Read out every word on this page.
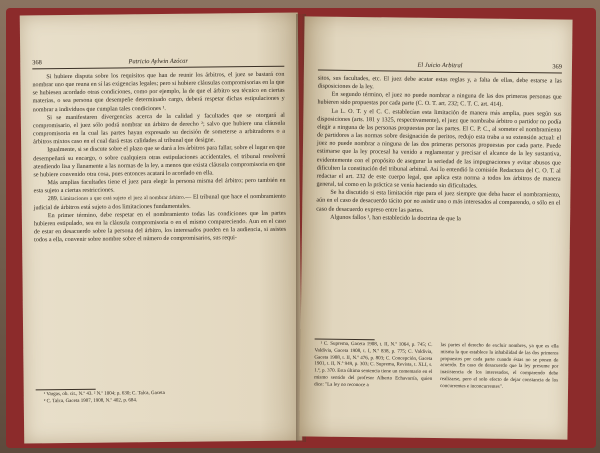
368	Patricio Aylwin Azócar

Si hubiere disputa sobre los requisitos que han de reunir los árbitros, el juez se bastará con nombrar uno que reuna en sí las exigencias legales; pero si hubiere cláusulas compromisorias en la que se hubiesen acordado otras condiciones, como por ejemplo, la de que el árbitro sea técnico en ciertas materias, o sea persona que desempeñe determinado cargo, deberá respetar dichas estipulaciones y nombrar a individuos que cumplan tales condiciones ¹.

Si se manifestaren divergencias acerca de la calidad y facultades que se otorgará al compromisario, el juez sólo podrá nombrar un árbitro de derecho ²; salvo que hubiere una cláusula compromisoria en la cual las partes hayan expresado su decisión de someterse a arbitradores o a árbitros mixtos caso en el cual dará estas calidades al tribunal que designe.

Igualmente, si se discute sobre el plazo que se dará a los árbitros para fallar, sobre el lugar en que desempeñará su encargo, o sobre cualquiera otras estipulaciones accidentales, el tribunal resolverá atendiendo lisa y llanamente a las normas de la ley, a menos que exista cláusula compromisoria en que se hubiere convenido otra cosa, pues entonces acatará lo acordado en ella.

Más amplias facultades tiene el juez para elegir la persona misma del árbitro; pero también en esta sujeto a ciertas restricciones.

289. Limitaciones a que está sujeto el juez al nombrar árbitro.— El tribunal que hace el nombramiento judicial de árbitros está sujeto a dos limitaciones fundamentales.

En primer término, debe respetar en el nombramiento todas las condiciones que las partes hubieren estipulado, sea en la cláusula compromisoria o en el mismo compareciendo. Aun en el caso de estar en desacuerdo sobre la persona del árbitro, los interesados pueden en la audiencia, si asistes todos a ella, convenir sobre nombre sobre el número de compromisarios, sus requi-

¹ Vargas, ob. cit., N.º 43. ² N.º 1004; p. 630; C. Talca, Gaceta

² C. Talca, Gaceta 1907, 1908, N.º 402, p. 684.

El Juicio Arbitral	369

sitos, sus facultades, etc. El juez debe acatar estas reglas y, a falta de ellas, debe estarse a las disposiciones de la ley.

En segundo término, el juez no puede nombrar a ninguna de las dos primeras personas que hubieren sido propuestas por cada parte (C. O. T. art. 232; C. T. C. art. 414).

La L. O. T. y el C. C. establecían esta limitación de manera más amplia, pues según sus disposiciones (arts. 181 y 1325, respectivamente), el juez que nombraba árbitro o partidor no podía elegir a ninguna de las personas propuestas por las partes. El C. P. C., al someter el nombramiento de partidores a las normas sobre designación de peritos, redujo esta traba a su extensión actual: el juez no puede nombrar a ninguna de las dos primeras personas propuestas por cada parte. Puede estimarse que la ley procesal ha venido a reglamentar y precisar el alcance de la ley sustantiva, evidentemente con el propósito de asegurar la seriedad de las impugnaciones y evitar abusos que dificulten la constitución del tribunal arbitral. Así lo entendió la comisión Redactora del C. O. T. al redactar el art. 232 de este cuerpo legal, que aplica esta norma a todos los árbitros de manera general, tal como en la práctica se venía haciendo sin dificultades.

Se ha discutido si esta limitación rige para el juez siempre que deba hacer el nombramiento, aún en el caso de desacuerdo tácito por no asistir uno o más interesados al comparendo, o sólo en el caso de desacuerdo expreso entre las partes.

Algunos fallos ¹, han establecido la doctrina de que la

¹ C. Suprema, Gaceta 1908, t. II, N.º 1064, p. 745; C. Valdivia, Gaceta 1908, t. I, N.º 838, p. 775; C. Valdivia, Gaceta 1908, t. II, N.º 476, p. 803; C. Concepción, Gaceta 1901, t. II, N.º 949, p. 303; C. Suprema, Revista, t. XLI, s. 1.ª, p. 370. Esta última sentencia tiene un comentario en el mismo sentido del profesor Alberto Echavarría, quien dice: "La ley no reconoce a

las partes el derecho de excluir nombres, ya que es ella misma la que establece la inhabilidad de las dos primeros propuestos por cada parte cuando éstas no se ponen de acuerdo. En caso de desacuerdo que la ley presume por inasistencia de los interesados, el comparendo debe realizarse, pero el solo efecto de dejar constancia de los concurrentes e inconcurrentes".
